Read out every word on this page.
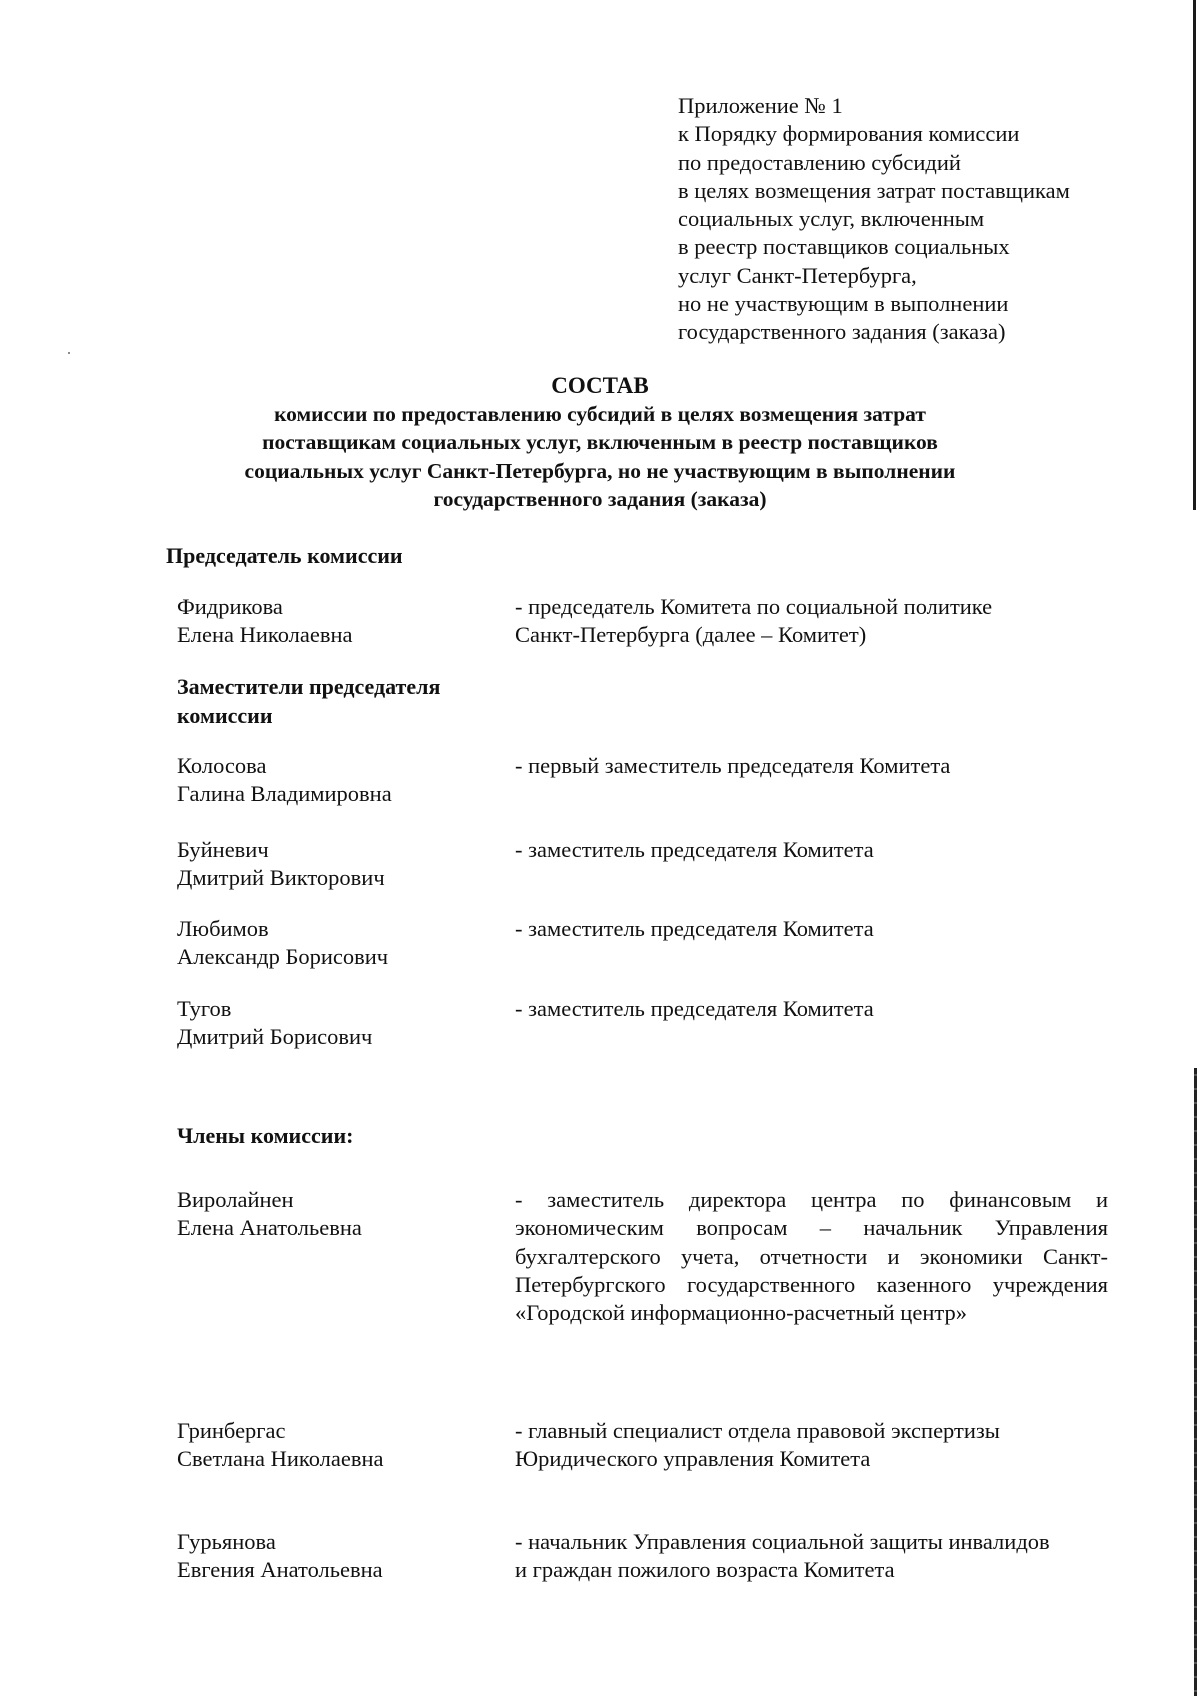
Приложение № 1
к Порядку формирования комиссии
по предоставлению субсидий
в целях возмещения затрат поставщикам
социальных услуг, включенным
в реестр поставщиков социальных
услуг Санкт-Петербурга,
но не участвующим в выполнении
государственного задания (заказа)
СОСТАВ
комиссии по предоставлению субсидий в целях возмещения затрат
поставщикам социальных услуг, включенным в реестр поставщиков
социальных услуг Санкт-Петербурга, но не участвующим в выполнении
государственного задания (заказа)
Председатель комиссии
Фидрикова
Елена Николаевна
- председатель Комитета по социальной политике
Санкт-Петербурга (далее – Комитет)
Заместители председателя
комиссии
Колосова
Галина Владимировна
- первый заместитель председателя Комитета
Буйневич
Дмитрий Викторович
- заместитель председателя Комитета
Любимов
Александр Борисович
- заместитель председателя Комитета
Тугов
Дмитрий Борисович
- заместитель председателя Комитета
Члены комиссии:
Виролайнен
Елена Анатольевна
- заместитель директора центра по финансовым и экономическим вопросам – начальник Управления бухгалтерского учета, отчетности и экономики Санкт-Петербургского государственного казенного учреждения «Городской информационно-расчетный центр»
Гринбергас
Светлана Николаевна
- главный специалист отдела правовой экспертизы
Юридического управления Комитета
Гурьянова
Евгения Анатольевна
- начальник Управления социальной защиты инвалидов
и граждан пожилого возраста Комитета
